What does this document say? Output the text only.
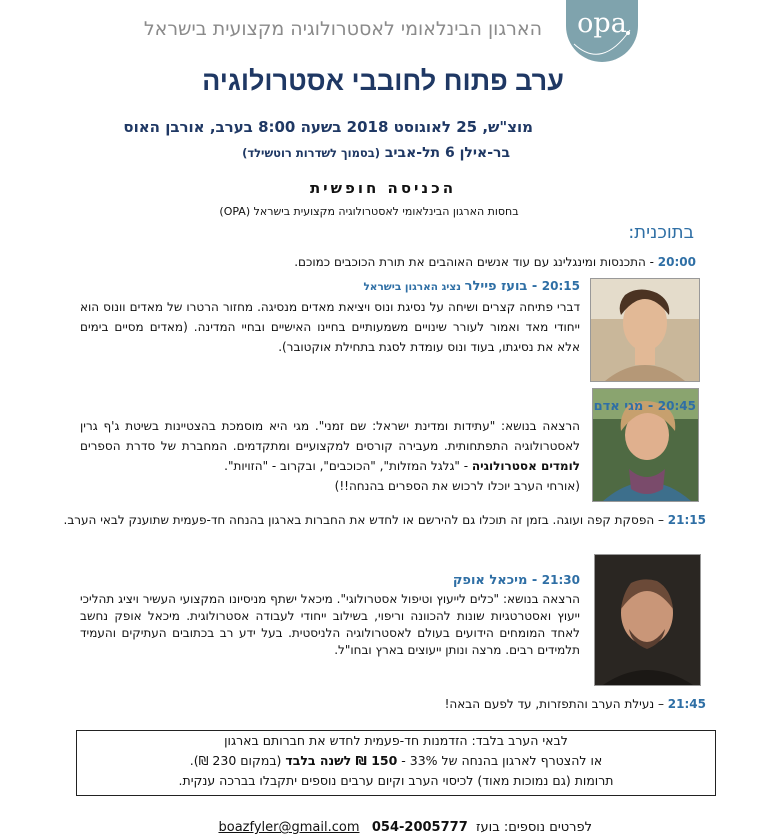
opa
הארגון הבינלאומי לאסטרולוגיה מקצועית בישראל
ערב פתוח לחובבי אסטרולוגיה
מוצ"ש, 25 לאוגוסט 2018 בשעה 8:00 בערב, אורבן האוס
בר-אילן 6 תל-אביב (בסמוך לשדרות רוטשילד)
הכניסה חופשית
בחסות הארגון הבינלאומי לאסטרולוגיה מקצועית בישראל (OPA)
בתוכנית:

20:00 - התכנסות ומינגלינג עם עוד אנשים האוהבים את תורת הכוכבים כמוכם.

20:15 - בועז פיילר נציג הארגון בישראל

דברי פתיחה קצרים ושיחה על נסיגת ונוס ויציאת מאדים מנסיגה. מחזור הרטרו של מאדים וונוס הוא ייחודי מאד ואמור לעורר שינויים משמעותיים בחיינו האישיים ובחיי המדינה. (מאדים מסיים בימים אלא את נסיגתו, בעוד ונוס עומדת לסגת בתחילת אוקטובר).

20:45 - מגי אדם

הרצאה בנושא: "עתידות ומדינת ישראל: שם זמני". מגי היא מוסמכת בהצטיינות בשיטת ג'ף גרין לאסטרולוגיה התפתחותית. מעבירה קורסים למקצועיים ומתקדמים. המחברת של סדרת הספרים לומדים אסטרולוגיה - "גלגל המזלות", "הכוכבים", ובקרוב - "הזויות".

(אורחי הערב יוכלו לרכוש את הספרים בהנחה!!)

21:15 – הפסקת קפה ועוגה. בזמן זה תוכלו גם להירשם או לחדש את החברות בארגון בהנחה חד-פעמית שתוענק לבאי הערב.

21:30 - מיכאל אופק

הרצאה בנושא: "כלים לייעוץ וטיפול אסטרולוגי". מיכאל ישתף מניסיונו המקצועי העשיר ויציג תהליכי ייעוץ ואסטרטגיות שונות להכוונה וריפוי, בשילוב ייחודי לעבודה אסטרולוגית. מיכאל אופק נחשב לאחד המומחים הידועים בעולם לאסטרולוגיה הלניסטית. בעל ידע רב בכתובים העתיקים והעמיד תלמידים רבים. מרצה ונותן ייעוצים בארץ ובחו"ל.

21:45 – נעילת הערב והתפזרות, עד לפעם הבאה!

לבאי הערב בלבד: הזדמנות חד-פעמית לחדש את חברותם בארגון
או להצטרף לארגון בהנחה של 33% - 150 ₪ לשנה בלבד (במקום 230 ₪).
תרומות (גם נמוכות מאוד) לכיסוי הערב וקיום ערבים נוספים יתקבלו בברכה ענקית.
לפרטים נוספים: בועז  054-2005777   boazfyler@gmail.com
